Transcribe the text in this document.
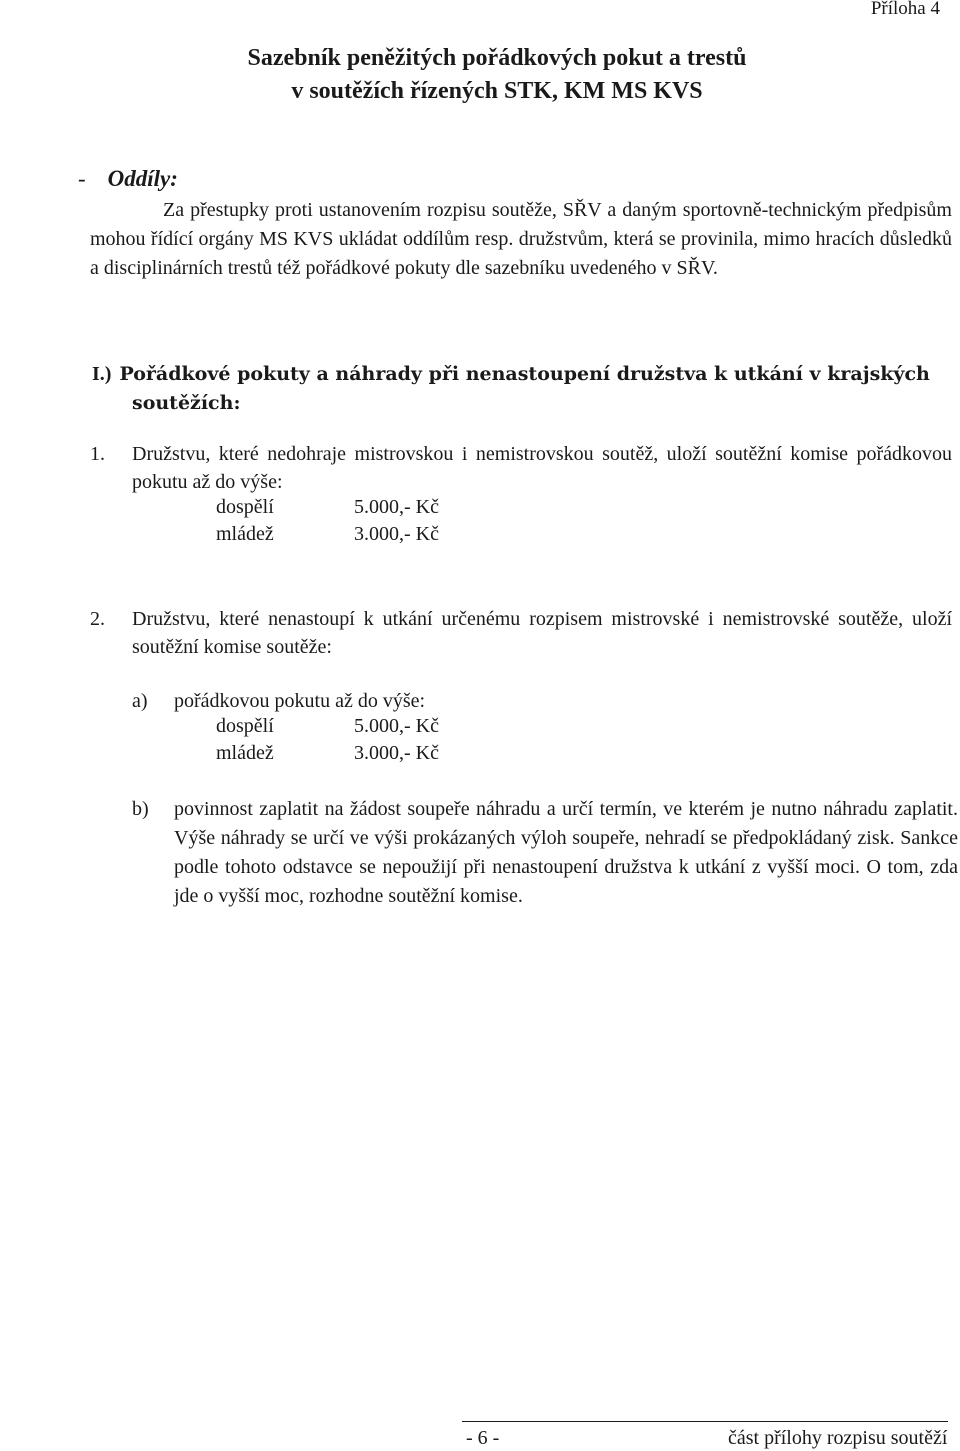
Příloha 4
Sazebník peněžitých pořádkových pokut a trestů
v soutěžích řízených STK, KM MS KVS
- Oddíly:
Za přestupky proti ustanovením rozpisu soutěže, SŘV a daným sportovně-technickým předpisům mohou řídící orgány MS KVS ukládat oddílům resp. družstvům, která se provinila, mimo hracích důsledků a disciplinárních trestů též pořádkové pokuty dle sazebníku uvedeného v SŘV.
I.) Pořádkové pokuty a náhrady při nenastoupení družstva k utkání v krajských
soutěžích:
1. Družstvu, které nedohraje mistrovskou i nemistrovskou soutěž, uloží soutěžní komise pořádkovou pokutu až do výše:
dospělí	5.000,- Kč
mládež	3.000,- Kč
2. Družstvu, které nenastoupí k utkání určenému rozpisem mistrovské i nemistrovské soutěže, uloží soutěžní komise soutěže:
a) pořádkovou pokutu až do výše:
dospělí	5.000,- Kč
mládež	3.000,- Kč
b) povinnost zaplatit na žádost soupeře náhradu a určí termín, ve kterém je nutno náhradu zaplatit. Výše náhrady se určí ve výši prokázaných výloh soupeře, nehradí se předpokládaný zisk. Sankce podle tohoto odstavce se nepoužijí při nenastoupení družstva k utkání z vyšší moci. O tom, zda jde o vyšší moc, rozhodne soutěžní komise.
- 6 -	část přílohy rozpisu soutěží
